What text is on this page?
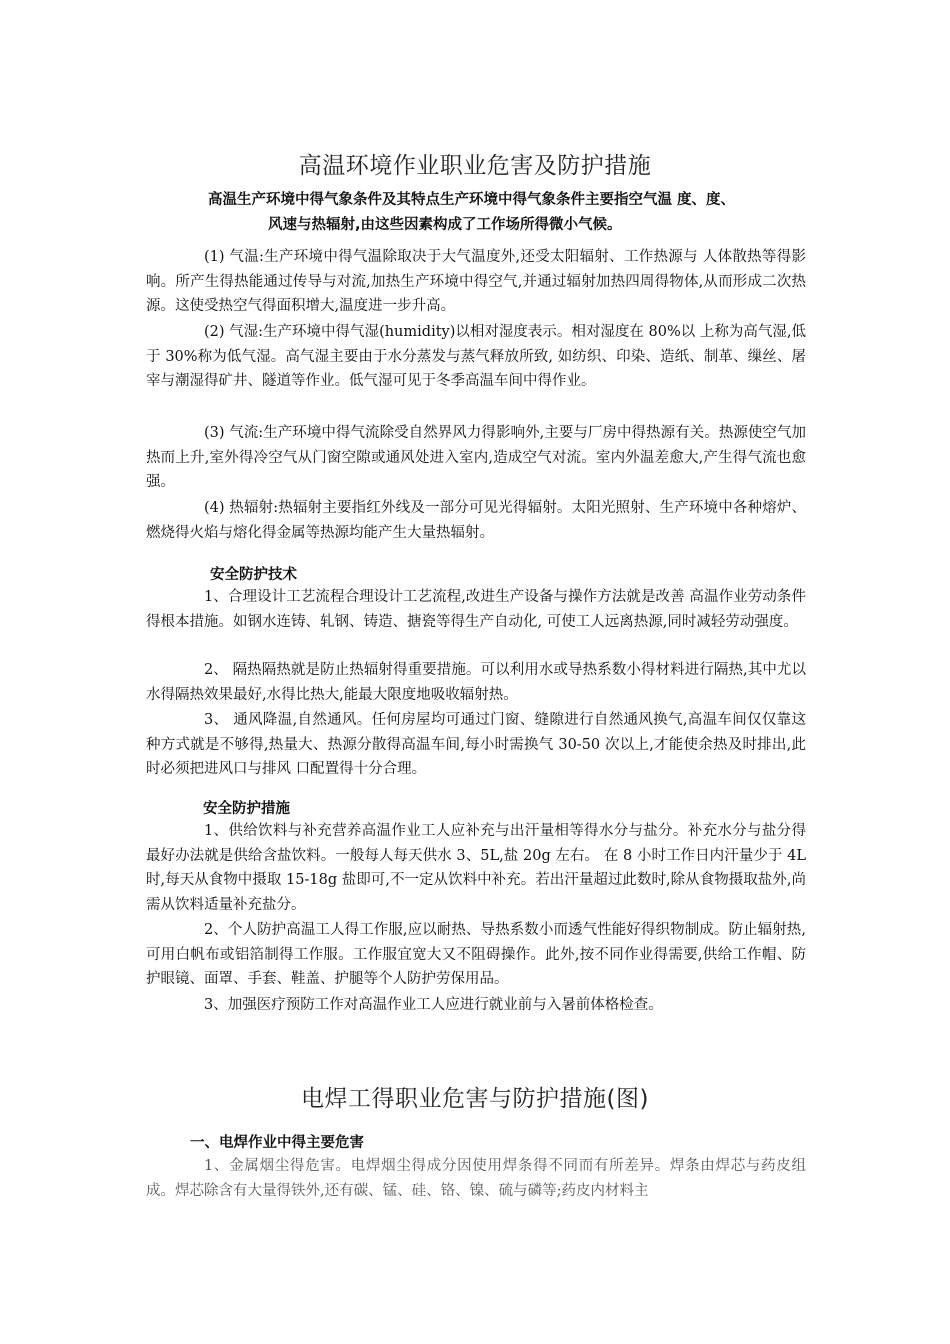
高温环境作业职业危害及防护措施
高温生产环境中得气象条件及其特点生产环境中得气象条件主要指空气温 度、度、
风速与热辐射,由这些因素构成了工作场所得微小气候。

(1) 气温:生产环境中得气温除取决于大气温度外,还受太阳辐射、工作热源与 人体散热等得影响。所产生得热能通过传导与对流,加热生产环境中得空气,并通过辐射加热四周得物体,从而形成二次热源。这使受热空气得面积增大,温度进一步升高。

(2) 气湿:生产环境中得气湿(humidity)以相对湿度表示。相对湿度在 80%以 上称为高气湿,低于 30%称为低气湿。高气湿主要由于水分蒸发与蒸气释放所致, 如纺织、印染、造纸、制革、缫丝、屠宰与潮湿得矿井、隧道等作业。低气湿可见于冬季高温车间中得作业。

(3) 气流:生产环境中得气流除受自然界风力得影响外,主要与厂房中得热源有关。热源使空气加热而上升,室外得冷空气从门窗空隙或通风处进入室内,造成空气对流。室内外温差愈大,产生得气流也愈强。

(4) 热辐射:热辐射主要指红外线及一部分可见光得辐射。太阳光照射、生产环境中各种熔炉、燃烧得火焰与熔化得金属等热源均能产生大量热辐射。

安全防护技术

1、合理设计工艺流程合理设计工艺流程,改进生产设备与操作方法就是改善 高温作业劳动条件得根本措施。如钢水连铸、轧钢、铸造、搪瓷等得生产自动化, 可使工人远离热源,同时减轻劳动强度。

2、 隔热隔热就是防止热辐射得重要措施。可以利用水或导热系数小得材料进行隔热,其中尤以水得隔热效果最好,水得比热大,能最大限度地吸收辐射热。

3、 通风降温,自然通风。任何房屋均可通过门窗、缝隙进行自然通风换气,高温车间仅仅靠这种方式就是不够得,热量大、热源分散得高温车间,每小时需换气 30-50 次以上,才能使余热及时排出,此时必须把进风口与排风 口配置得十分合理。

安全防护措施

1、供给饮料与补充营养高温作业工人应补充与出汗量相等得水分与盐分。补充水分与盐分得最好办法就是供给含盐饮料。一般每人每天供水 3、5L,盐 20g 左右。 在 8 小时工作日内汗量少于 4L 时,每天从食物中摄取 15-18g 盐即可,不一定从饮料中补充。若出汗量超过此数时,除从食物摄取盐外,尚需从饮料适量补充盐分。

2、个人防护高温工人得工作服,应以耐热、导热系数小而透气性能好得织物制成。防止辐射热,可用白帆布或铝箔制得工作服。工作服宜宽大又不阻碍操作。此外,按不同作业得需要,供给工作帽、防护眼镜、面罩、手套、鞋盖、护腿等个人防护劳保用品。

3、加强医疗预防工作对高温作业工人应进行就业前与入暑前体格检查。

电焊工得职业危害与防护措施(图)
一、电焊作业中得主要危害

1、金属烟尘得危害。电焊烟尘得成分因使用焊条得不同而有所差异。焊条由焊芯与药皮组成。焊芯除含有大量得铁外,还有碳、锰、硅、铬、镍、硫与磷等;药皮内材料主
